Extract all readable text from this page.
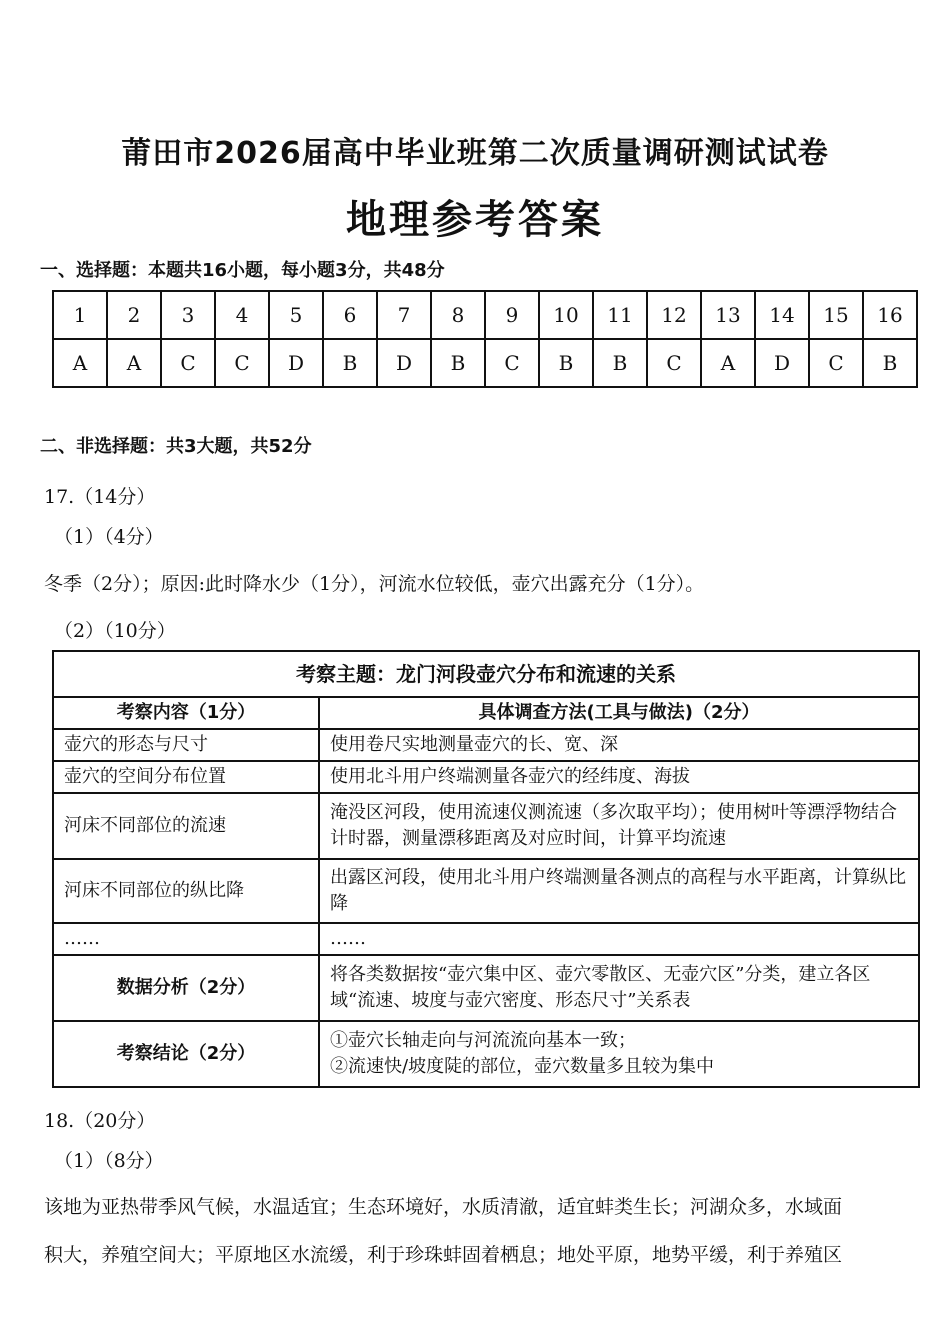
莆田市2026届高中毕业班第二次质量调研测试试卷
地理参考答案
一、选择题：本题共16小题，每小题3分，共48分
1	2	3	4	5	6	7	8	9	10	11	12	13	14	15	16
A	A	C	C	D	B	D	B	C	B	B	C	A	D	C	B
二、非选择题：共3大题，共52分
17.（14分）
（1）（4分）
冬季（2分）；原因:此时降水少（1分），河流水位较低，壶穴出露充分（1分）。
（2）（10分）
考察主题：龙门河段壶穴分布和流速的关系	
考察内容（1分）	具体调查方法(工具与做法)（2分）
壶穴的形态与尺寸	使用卷尺实地测量壶穴的长、宽、深
壶穴的空间分布位置	使用北斗用户终端测量各壶穴的经纬度、海拔
河床不同部位的流速	淹没区河段，使用流速仪测流速（多次取平均）；使用树叶等漂浮物结合计时器，测量漂移距离及对应时间，计算平均流速
河床不同部位的纵比降	出露区河段，使用北斗用户终端测量各测点的高程与水平距离，计算纵比降
……	……
数据分析（2分）	将各类数据按“壶穴集中区、壶穴零散区、无壶穴区”分类，建立各区域“流速、坡度与壶穴密度、形态尺寸”关系表
考察结论（2分）	①壶穴长轴走向与河流流向基本一致；
②流速快/坡度陡的部位，壶穴数量多且较为集中
18.（20分）
（1）（8分）
该地为亚热带季风气候，水温适宜；生态环境好，水质清澈，适宜蚌类生长；河湖众多，水域面
积大，养殖空间大；平原地区水流缓，利于珍珠蚌固着栖息；地处平原，地势平缓，利于养殖区
